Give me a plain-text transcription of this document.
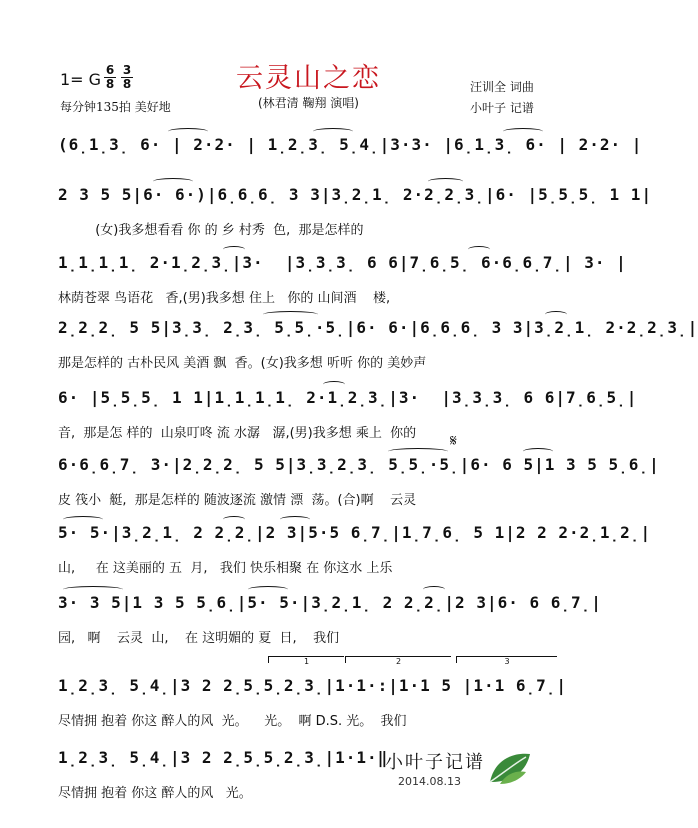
云灵山之恋
(林君清 鞠翔 演唱)
1= G 6
8
3
8
每分钟135拍 美好地
汪训全 词曲
小叶子 记谱
(6̣1̣3̣ 6· | 2·2· | 1̣2̣3̣ 5̣4̣|3·3· |6̣1̣3̣ 6· | 2·2· |
2 3 5 5|6· 6·)|6̣6̣6̣ 3 3|3̣2̣1̣ 2·2̣2̣3̣|6· |5̣5̣5̣ 1 1|
(女)我多想看看 你 的 乡 村秀  色,  那是怎样的
1̣1̣1̣1̣ 2·1̣2̣3̣|3·  |3̣3̣3̣ 6 6|7̣6̣5̣ 6·6̣6̣7̣| 3· |
林荫苍翠 鸟语花   香,(男)我多想 住上   你的 山间酒    楼,
2̣2̣2̣ 5 5|3̣3̣ 2̣3̣ 5̣5̣·5̣|6· 6·|6̣6̣6̣ 3 3|3̣2̣1̣ 2·2̣2̣3̣|
那是怎样的 古朴民风 美酒 飘  香。(女)我多想 听听 你的 美妙声
6· |5̣5̣5̣ 1 1|1̣1̣1̣1̣ 2·1̣2̣3̣|3·  |3̣3̣3̣ 6 6|7̣6̣5̣|
音,  那是怎 样的  山泉叮咚 流 水潺   潺,(男)我多想 乘上  你的
6·6̣6̣7̣ 3·|2̣2̣2̣ 5 5|3̣3̣2̣3̣ 5̣5̣·5̣|6· 6 5|1 3 5 5̣6̣|
皮 筏小  艇,  那是怎样的 随波逐流 激情 漂  荡。(合)啊    云灵
𝄋
5· 5·|3̣2̣1̣ 2 2̣2̣|2 3|5·5 6̣7̣|1̣7̣6̣ 5 1|2 2 2·2̣1̣2̣|
山,     在 这美丽的 五  月,   我们 快乐相聚 在 你这水 上乐
3· 3 5|1 3 5 5̣6̣|5· 5·|3̣2̣1̣ 2 2̣2̣|2 3|6· 6 6̣7̣|
园,   啊    云灵  山,    在 这明媚的 夏  日,    我们
1̣2̣3̣ 5̣4̣|3 2 2̣5̣5̣2̣3̣|1·1·:|1·1 5 |1·1 6̣7̣|
尽情拥 抱着 你这 醉人的风  光。    光。  啊 D.S. 光。  我们
1	2	3
1̣2̣3̣ 5̣4̣|3 2 2̣5̣5̣2̣3̣|1·1·‖
尽情拥 抱着 你这 醉人的风   光。
小叶子记谱
2014.08.13
